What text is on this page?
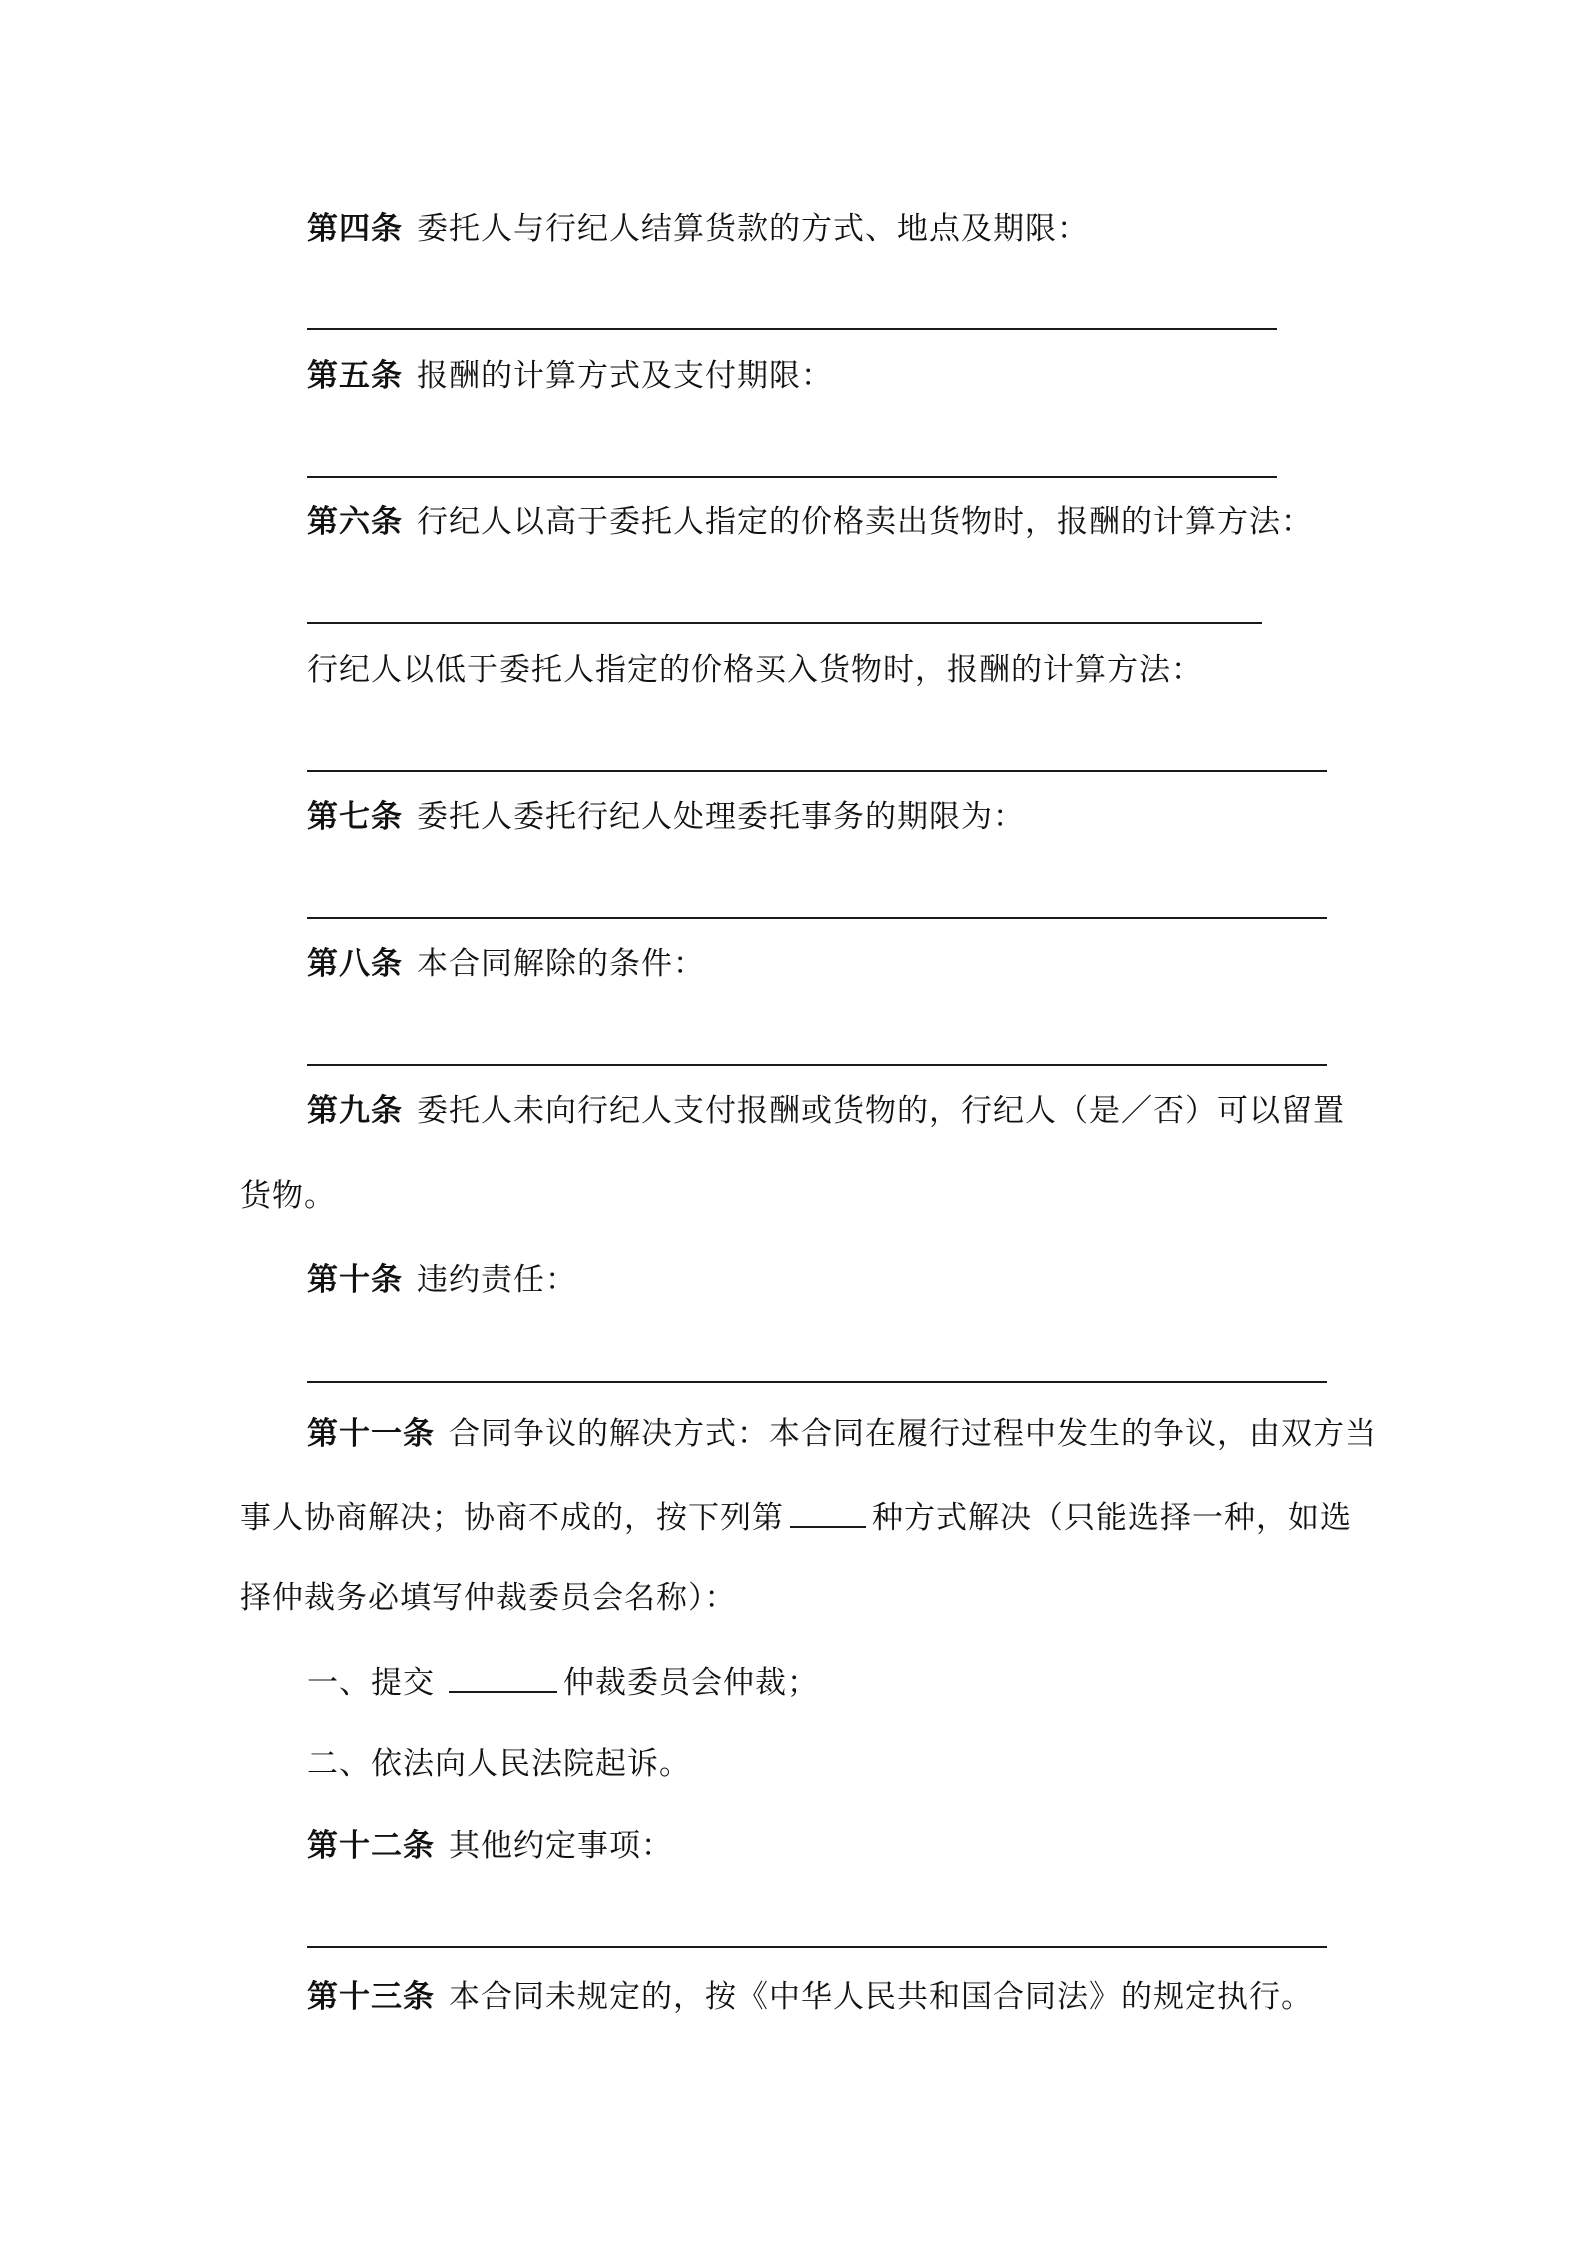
第四条 委托人与行纪人结算货款的方式、地点及期限：
第五条 报酬的计算方式及支付期限：
第六条 行纪人以高于委托人指定的价格卖出货物时，报酬的计算方法：
行纪人以低于委托人指定的价格买入货物时，报酬的计算方法：
第七条 委托人委托行纪人处理委托事务的期限为：
第八条 本合同解除的条件：
第九条 委托人未向行纪人支付报酬或货物的，行纪人（是／否）可以留置
货物。
第十条 违约责任：
第十一条 合同争议的解决方式：本合同在履行过程中发生的争议，由双方当
事人协商解决；协商不成的，按下列第	种方式解决（只能选择一种，如选
择仲裁务必填写仲裁委员会名称）：
一、提交	仲裁委员会仲裁；
二、依法向人民法院起诉。
第十二条 其他约定事项：
第十三条 本合同未规定的，按《中华人民共和国合同法》的规定执行。
